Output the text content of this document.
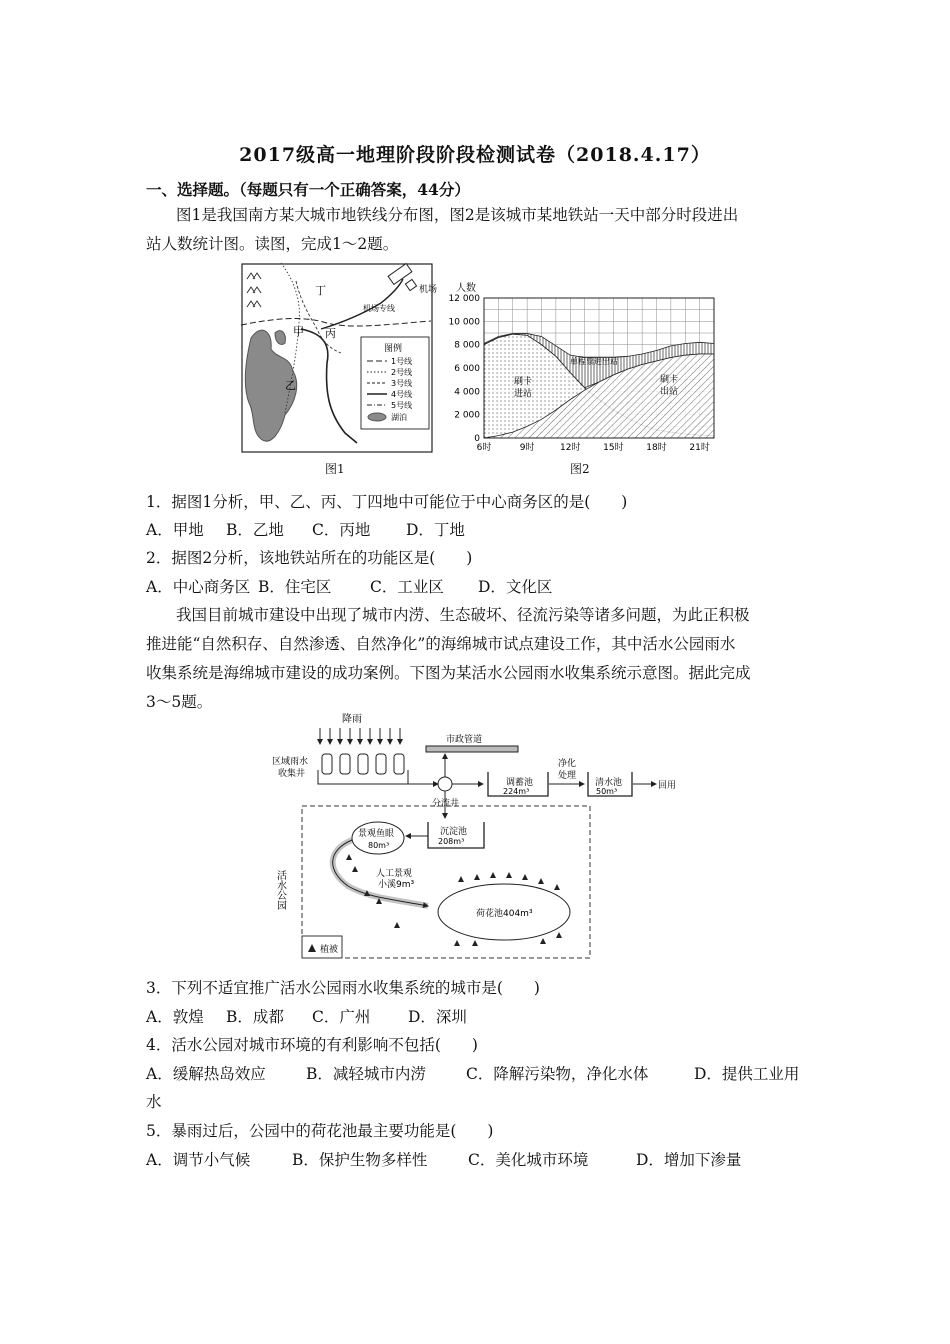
2017级高一地理阶段阶段检测试卷（2018.4.17）
一、选择题。（每题只有一个正确答案，44分）
图1是我国南方某大城市地铁线分布图，图2是该城市某地铁站一天中部分时段进出
站人数统计图。读图，完成1～2题。
机场
机场专线
丁
甲 丙
乙
图例
1号线
2号线
3号线
4号线
5号线
湖泊
图1
12 000
10 000
8 000
6 000
4 000
2 000
0
6时	9时	12时	15时	18时	21时
人数
刷卡
进站
刷卡
出站
单程票进出站
图2
1．据图1分析，甲、乙、丙、丁四地中可能位于中心商务区的是(　　)
A．甲地 B．乙地 C．丙地 D．丁地
2．据图2分析，该地铁站所在的功能区是(　　)
A．中心商务区 B．住宅区 C．工业区 D．文化区
我国目前城市建设中出现了城市内涝、生态破坏、径流污染等诸多问题，为此正积极
推进能“自然积存、自然渗透、自然净化”的海绵城市试点建设工作，其中活水公园雨水
收集系统是海绵城市建设的成功案例。下图为某活水公园雨水收集系统示意图。据此完成
3～5题。
降雨
区域雨水
收集井
分流井
市政管道
调蓄池
224m³
净化
处理
清水池
50m³
回用
活水公园
沉淀池
208m³
景观鱼眼
80m³
人工景观
小溪9m³
荷花池404m³
植被
3．下列不适宜推广活水公园雨水收集系统的城市是(　　)
A．敦煌 B．成都 C．广州 D．深圳
4．活水公园对城市环境的有利影响不包括(　　)
A．缓解热岛效应	B．减轻城市内涝	C．降解污染物，净化水体	D．提供工业用
水
5．暴雨过后，公园中的荷花池最主要功能是(　　)
A．调节小气候	B．保护生物多样性	C．美化城市环境	D．增加下渗量
